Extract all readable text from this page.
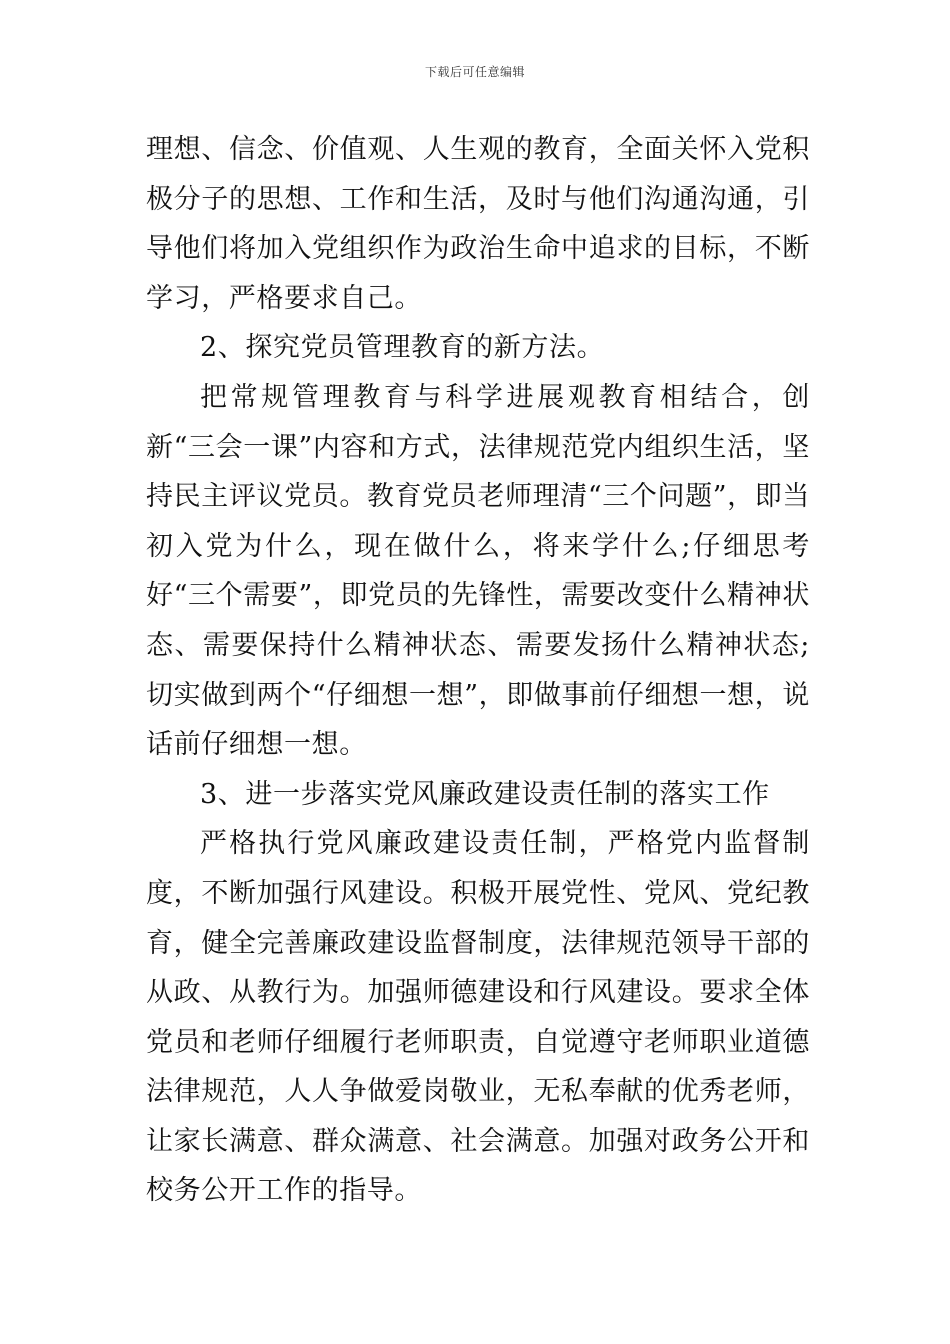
下载后可任意编辑

理想、信念、价值观、人生观的教育，全面关怀入党积极分子的思想、工作和生活，及时与他们沟通沟通，引导他们将加入党组织作为政治生命中追求的目标，不断学习，严格要求自己。

2、探究党员管理教育的新方法。

把常规管理教育与科学进展观教育相结合，创新“三会一课”内容和方式，法律规范党内组织生活，坚持民主评议党员。教育党员老师理清“三个问题”，即当初入党为什么，现在做什么，将来学什么;仔细思考好“三个需要”，即党员的先锋性，需要改变什么精神状态、需要保持什么精神状态、需要发扬什么精神状态;切实做到两个“仔细想一想”，即做事前仔细想一想，说话前仔细想一想。

3、进一步落实党风廉政建设责任制的落实工作

严格执行党风廉政建设责任制，严格党内监督制度，不断加强行风建设。积极开展党性、党风、党纪教育，健全完善廉政建设监督制度，法律规范领导干部的从政、从教行为。加强师德建设和行风建设。要求全体党员和老师仔细履行老师职责，自觉遵守老师职业道德法律规范，人人争做爱岗敬业，无私奉献的优秀老师，让家长满意、群众满意、社会满意。加强对政务公开和校务公开工作的指导。
